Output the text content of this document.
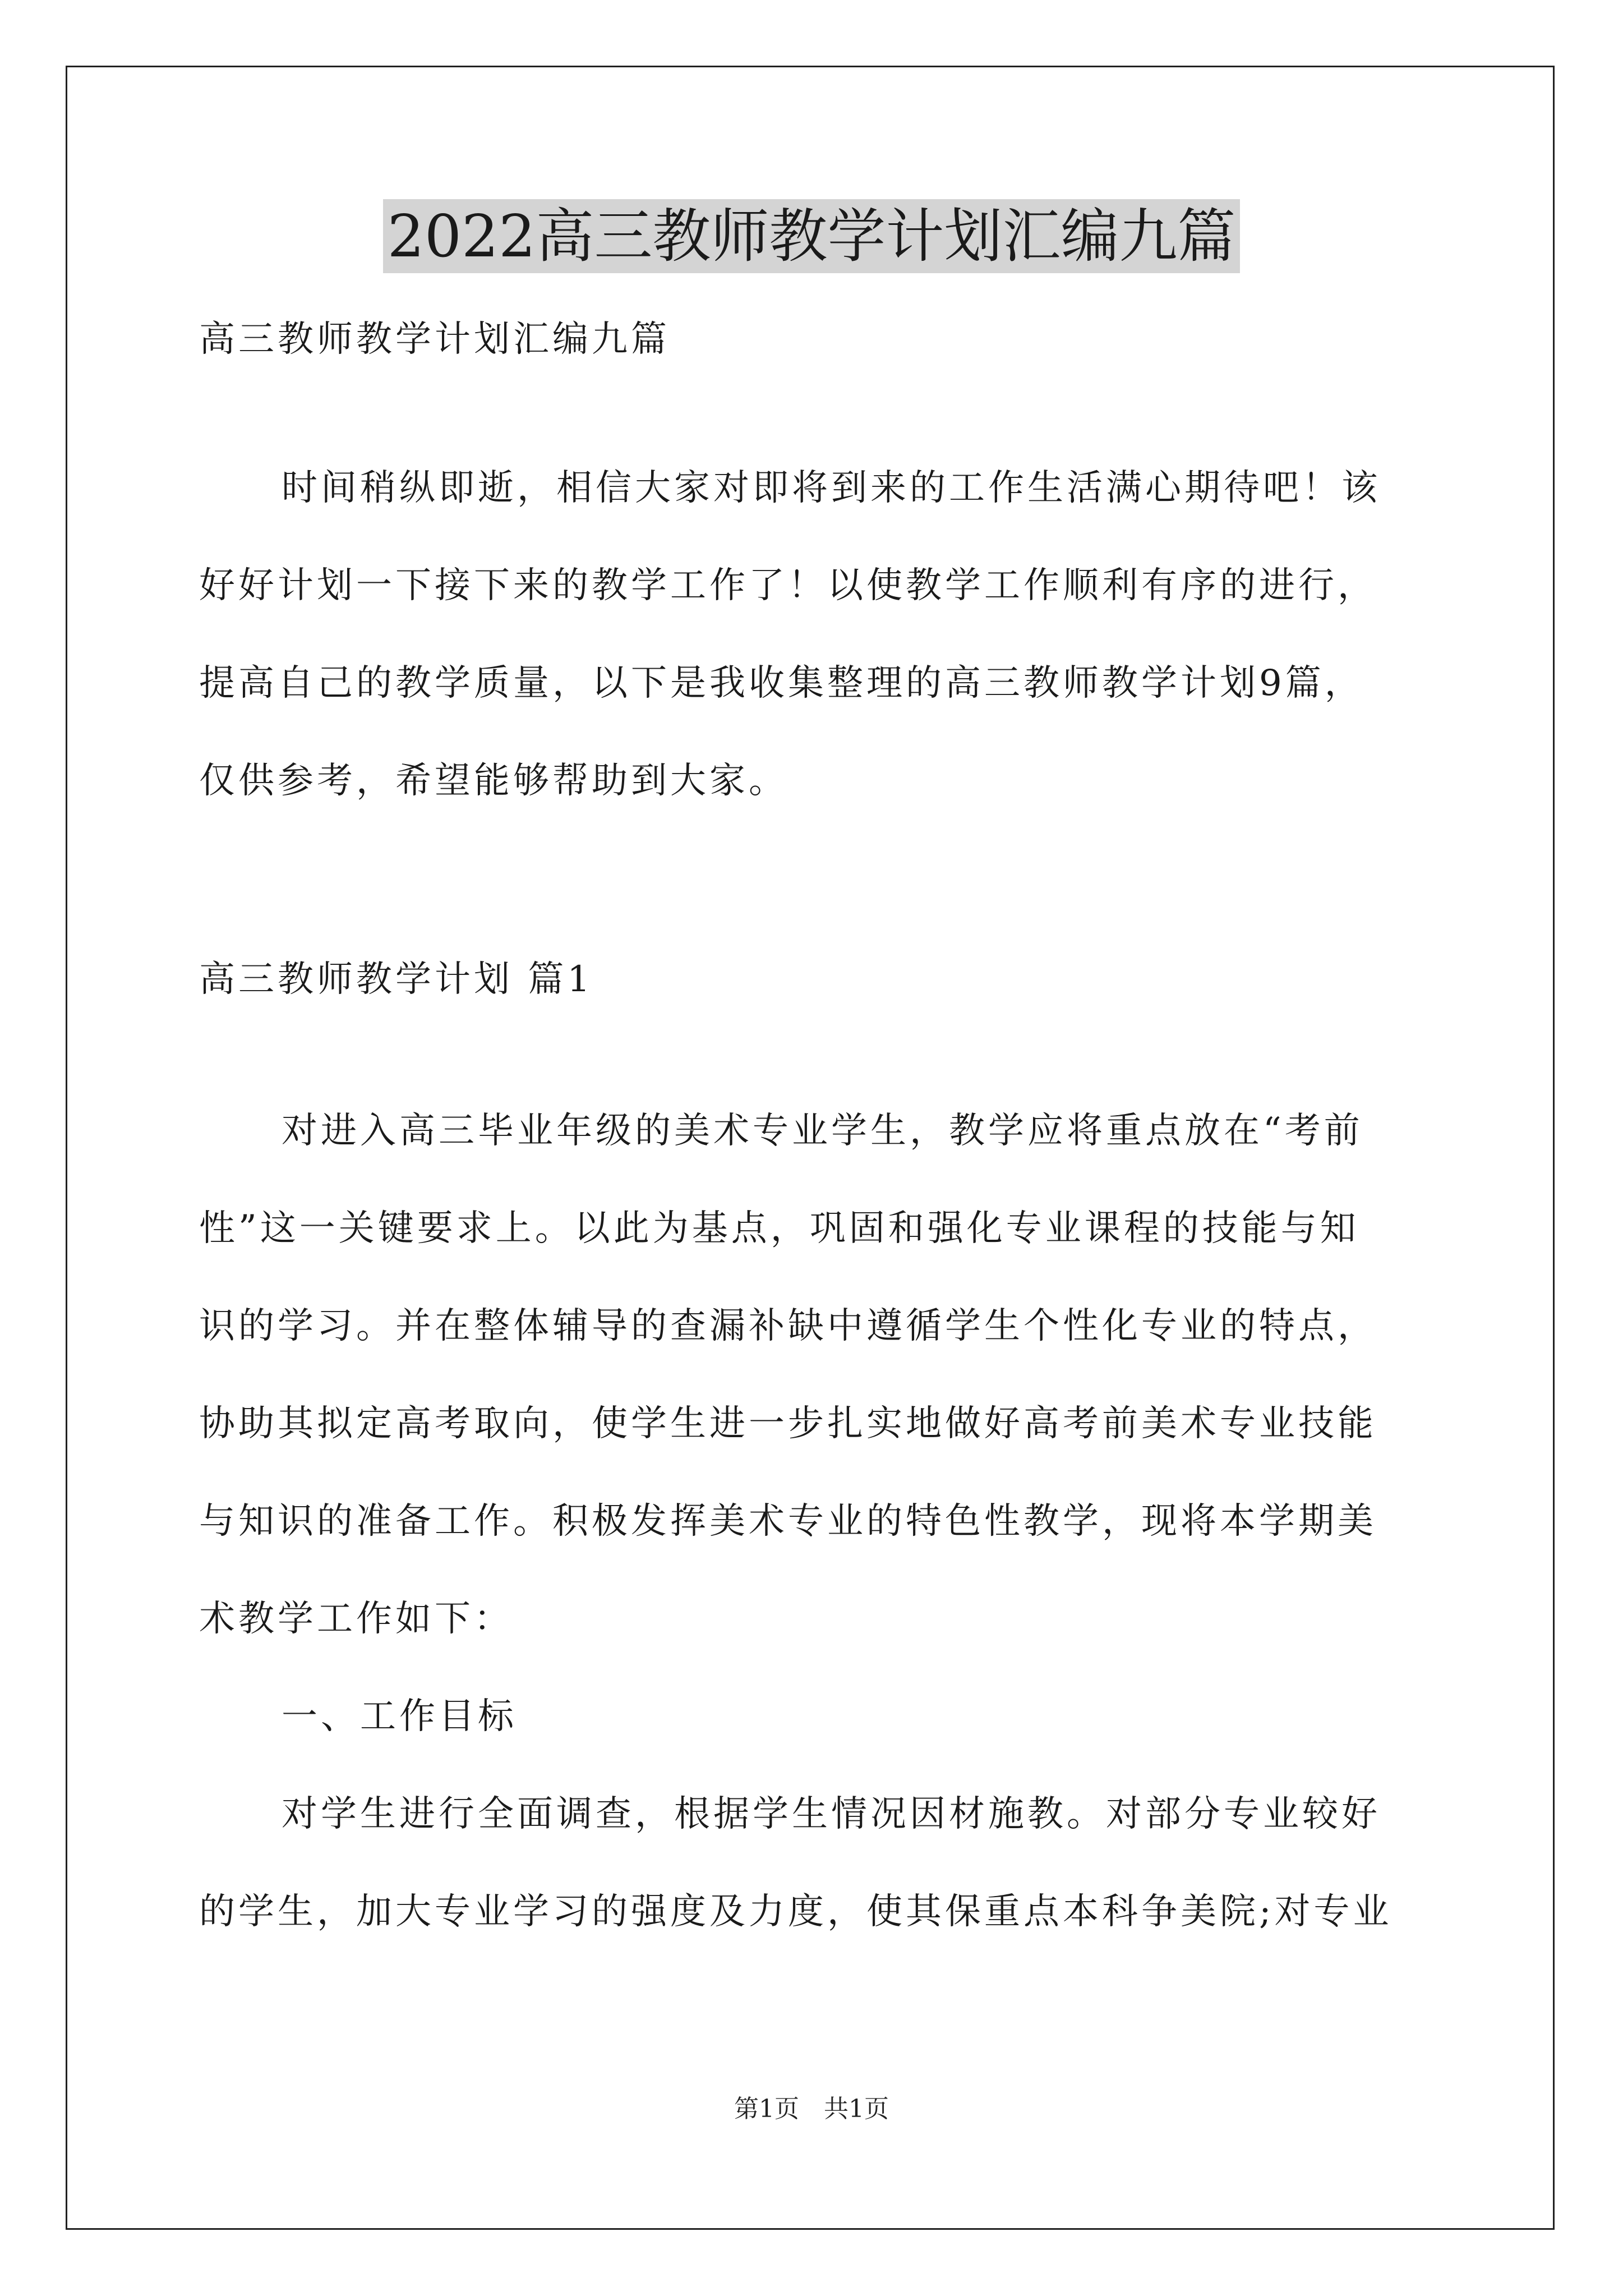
2022高三教师教学计划汇编九篇
高三教师教学计划汇编九篇
时间稍纵即逝，相信大家对即将到来的工作生活满心期待吧！该
好好计划一下接下来的教学工作了！以使教学工作顺利有序的进行，
提高自己的教学质量，以下是我收集整理的高三教师教学计划9篇，
仅供参考，希望能够帮助到大家。
高三教师教学计划 篇1
对进入高三毕业年级的美术专业学生，教学应将重点放在“考前
性”这一关键要求上。以此为基点，巩固和强化专业课程的技能与知
识的学习。并在整体辅导的查漏补缺中遵循学生个性化专业的特点，
协助其拟定高考取向，使学生进一步扎实地做好高考前美术专业技能
与知识的准备工作。积极发挥美术专业的特色性教学，现将本学期美
术教学工作如下：
一、工作目标
对学生进行全面调查，根据学生情况因材施教。对部分专业较好
的学生，加大专业学习的强度及力度，使其保重点本科争美院;对专业
第1页　共1页
